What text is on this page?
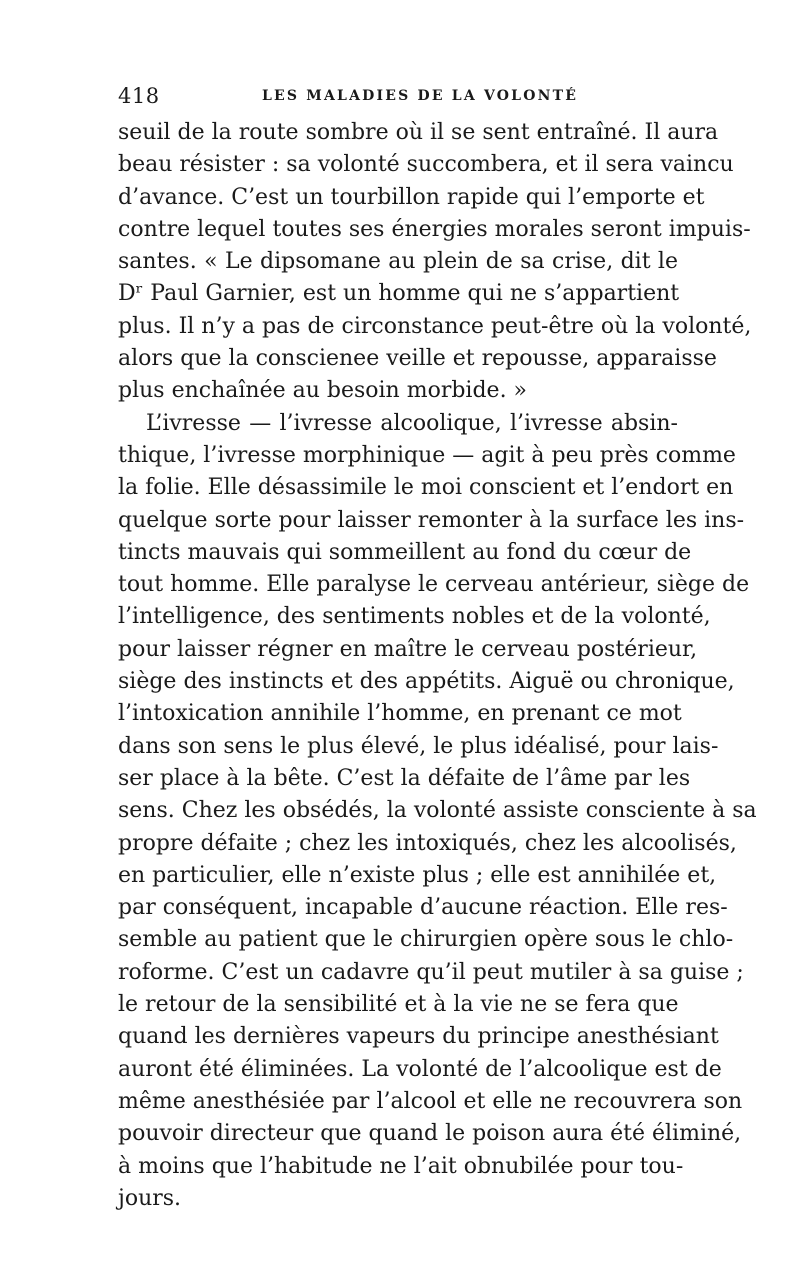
418	LES MALADIES DE LA VOLONTÉ
seuil de la route sombre où il se sent entraîné. Il aura
beau résister : sa volonté succombera, et il sera vaincu
d’avance. C’est un tourbillon rapide qui l’emporte et
contre lequel toutes ses énergies morales seront impuis-
santes. « Le dipsomane au plein de sa crise, dit le
Dʳ Paul Garnier, est un homme qui ne s’appartient
plus. Il n’y a pas de circonstance peut-être où la volonté,
alors que la conscienee veille et repousse, apparaisse
plus enchaînée au besoin morbide. »
L’ivresse — l’ivresse alcoolique, l’ivresse absin-
thique, l’ivresse morphinique — agit à peu près comme
la folie. Elle désassimile le moi conscient et l’endort en
quelque sorte pour laisser remonter à la surface les ins-
tincts mauvais qui sommeillent au fond du cœur de
tout homme. Elle paralyse le cerveau antérieur, siège de
l’intelligence, des sentiments nobles et de la volonté,
pour laisser régner en maître le cerveau postérieur,
siège des instincts et des appétits. Aiguë ou chronique,
l’intoxication annihile l’homme, en prenant ce mot
dans son sens le plus élevé, le plus idéalisé, pour lais-
ser place à la bête. C’est la défaite de l’âme par les
sens. Chez les obsédés, la volonté assiste consciente à sa
propre défaite ; chez les intoxiqués, chez les alcoolisés,
en particulier, elle n’existe plus ; elle est annihilée et,
par conséquent, incapable d’aucune réaction. Elle res-
semble au patient que le chirurgien opère sous le chlo-
roforme. C’est un cadavre qu’il peut mutiler à sa guise ;
le retour de la sensibilité et à la vie ne se fera que
quand les dernières vapeurs du principe anesthésiant
auront été éliminées. La volonté de l’alcoolique est de
même anesthésiée par l’alcool et elle ne recouvrera son
pouvoir directeur que quand le poison aura été éliminé,
à moins que l’habitude ne l’ait obnubilée pour tou-
jours.
